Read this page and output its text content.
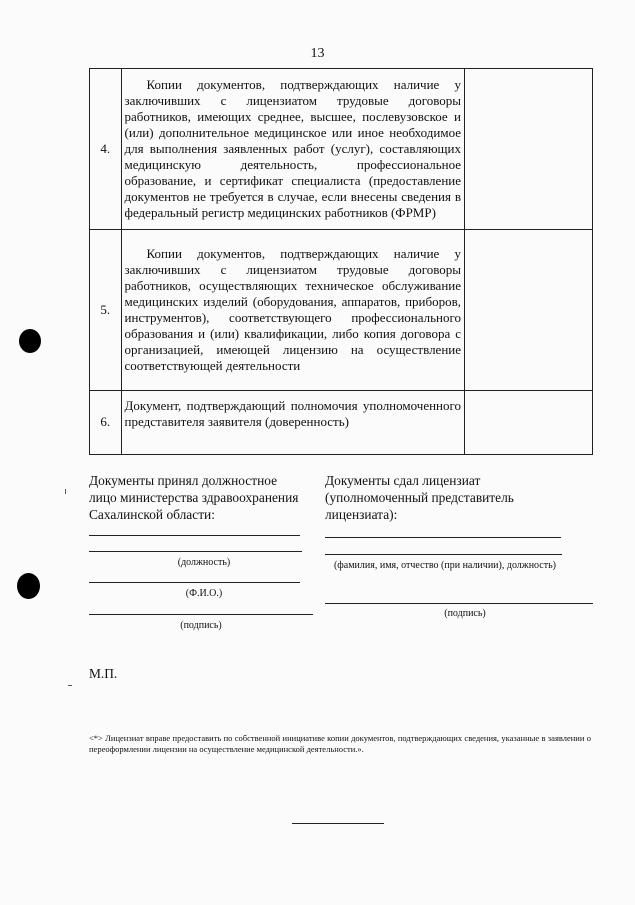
13
4.	Копии документов, подтверждающих наличие у заключивших с лицензиатом трудовые договоры работников, имеющих среднее, высшее, послевузовское и (или) дополнительное медицинское или иное необходимое для выполнения заявленных работ (услуг), составляющих медицинскую деятельность, профессиональное образование, и сертификат специалиста (предоставление документов не требуется в случае, если внесены сведения в федеральный регистр медицинских работников (ФРМР)	
5.	Копии документов, подтверждающих наличие у заключивших с лицензиатом трудовые договоры работников, осуществляющих техническое обслуживание медицинских изделий (оборудования, аппаратов, приборов, инструментов), соответствующего профессионального образования и (или) квалификации, либо копия договора с организацией, имеющей лицензию на осуществление соответствующей деятельности	
6.	Документ, подтверждающий полномочия уполномоченного представителя заявителя (доверенность)	
Документы принял должностное
лицо министерства здравоохранения
Сахалинской области:
(должность)
(Ф.И.О.)
(подпись)
Документы сдал лицензиат
(уполномоченный представитель
лицензиата):
(фамилия, имя, отчество (при наличии), должность)
(подпись)
М.П.
<*> Лицензиат вправе предоставить по собственной инициативе копии документов, подтверждающих сведения, указанные в заявлении о переоформлении лицензии на осуществление медицинской деятельности.».
